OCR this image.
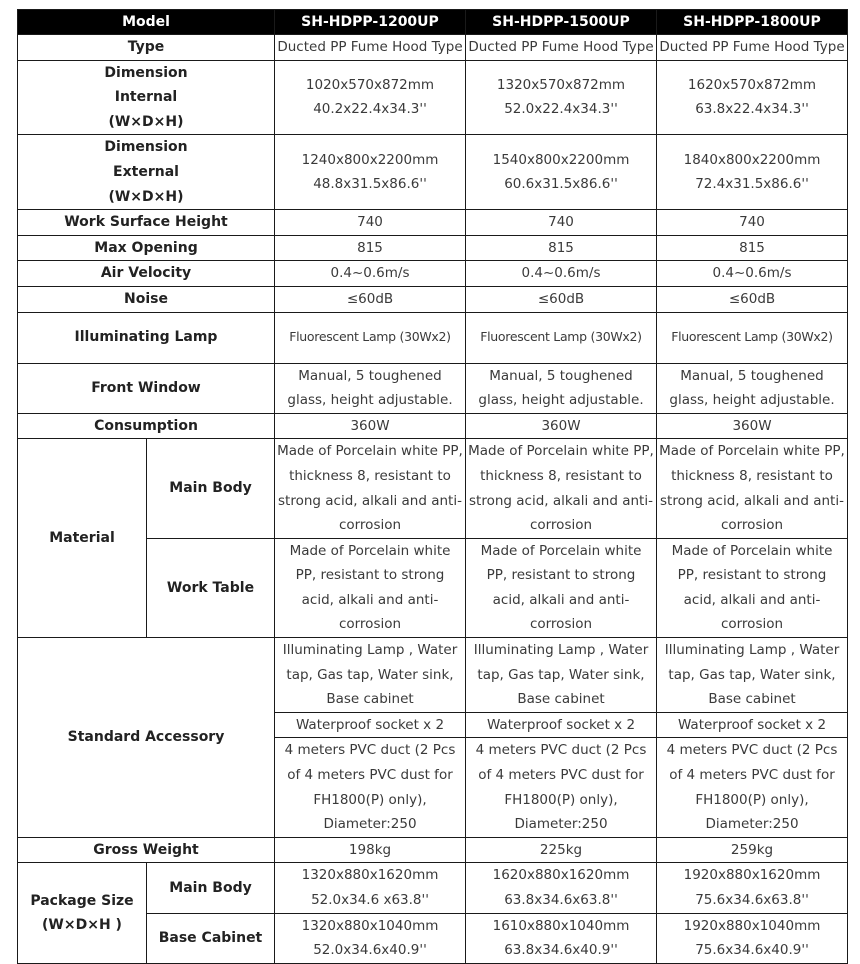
Model		SH-HDPP-1200UP	SH-HDPP-1500UP	SH-HDPP-1800UP
Type		Ducted PP Fume Hood Type	Ducted PP Fume Hood Type	Ducted PP Fume Hood Type
Dimension Internal (W×D×H)		1020x570x872mm 40.2x22.4x34.3''	1320x570x872mm 52.0x22.4x34.3''	1620x570x872mm 63.8x22.4x34.3''
Dimension External (W×D×H)		1240x800x2200mm 48.8x31.5x86.6''	1540x800x2200mm 60.6x31.5x86.6''	1840x800x2200mm 72.4x31.5x86.6''
Work Surface Height		740	740	740
Max Opening		815	815	815
Air Velocity		0.4~0.6m/s	0.4~0.6m/s	0.4~0.6m/s
Noise		≤60dB	≤60dB	≤60dB
Illuminating Lamp		Fluorescent Lamp (30Wx2)	Fluorescent Lamp (30Wx2)	Fluorescent Lamp (30Wx2)
Front Window		Manual, 5 toughened glass, height adjustable.	Manual, 5 toughened glass, height adjustable.	Manual, 5 toughened glass, height adjustable.
Consumption		360W	360W	360W
Material	Main Body	Made of Porcelain white PP, thickness 8, resistant to strong acid, alkali and anti-corrosion	Made of Porcelain white PP, thickness 8, resistant to strong acid, alkali and anti-corrosion	Made of Porcelain white PP, thickness 8, resistant to strong acid, alkali and anti-corrosion
	Work Table	Made of Porcelain white PP, resistant to strong acid, alkali and anti-corrosion	Made of Porcelain white PP, resistant to strong acid, alkali and anti-corrosion	Made of Porcelain white PP, resistant to strong acid, alkali and anti-corrosion
Standard Accessory		Illuminating Lamp , Water tap, Gas tap, Water sink, Base cabinet	Illuminating Lamp , Water tap, Gas tap, Water sink, Base cabinet	Illuminating Lamp , Water tap, Gas tap, Water sink, Base cabinet
		Waterproof socket x 2	Waterproof socket x 2	Waterproof socket x 2
		4 meters PVC duct (2 Pcs of 4 meters PVC dust for FH1800(P) only), Diameter:250	4 meters PVC duct (2 Pcs of 4 meters PVC dust for FH1800(P) only), Diameter:250	4 meters PVC duct (2 Pcs of 4 meters PVC dust for FH1800(P) only), Diameter:250
Gross Weight		198kg	225kg	259kg
Package Size (W×D×H )	Main Body	1320x880x1620mm 52.0x34.6 x63.8''	1620x880x1620mm 63.8x34.6x63.8''	1920x880x1620mm 75.6x34.6x63.8''
	Base Cabinet	1320x880x1040mm 52.0x34.6x40.9''	1610x880x1040mm 63.8x34.6x40.9''	1920x880x1040mm 75.6x34.6x40.9''
